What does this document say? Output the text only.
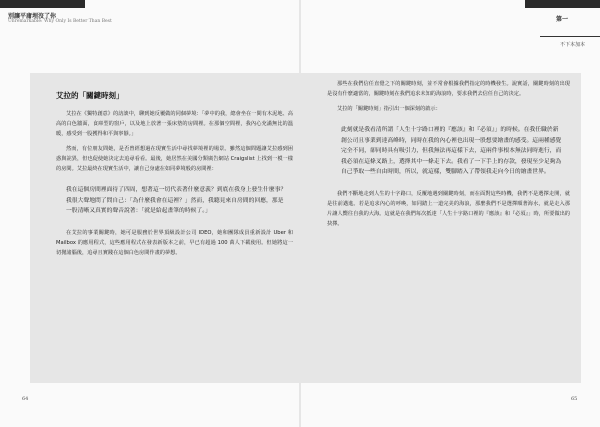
別讓平庸埋沒了你
Unremarkable: Why Only Is Better Than Best	第一
不下本加本
艾拉的「關鍵時刻」

艾拉在《獨特創意》的訪談中，聊到她反覆做的同個夢境：「夢中的我，總會坐在一間有木泥地、高高的白色牆面，食庫型的窗戶，以及地上放著一張床墊的房間裡。在那個空間裡，我內心充滿無比的溫暖，感受到一股獲得和平與寧靜。」

然而，有位朋友問她，是否曾經想過在現實生活中尋找夢境裡的場景。雖然這個問題讓艾拉感到困惑與詫異，但也促使她決定去追尋看看。最後，她居然在美國分類廣告網站 Craigslist 上找到一模一樣的房間。艾拉最終在現實生活中，讓自己身處在如同夢境般的房間裡：

我在這個房間裡面待了四周，想著這一切代表著什麼意義？到底在我身上發生什麼事？我很大聲地問了問自己：「為什麼我會在這裡？」然而，我聽見來自房間的回應，那是一股清晰又真實的聲音說著：「就是給起畫筆的時候了。」

在艾拉的事業關鍵時，她可是服務於世界頂級設計公司 IDEO，她和團隊成員重新設計 Uber 和 Mailbox 的應用程式，這些應用程式在發表新版本之前，早已有超過 100 萬人下載使用。但她將這一切拋諸腦後，追尋且實踐在這個白色房間作畫的夢想。

那些在我們信任直覺之下的關鍵時刻，並不常會根據我們指定的時機發生。說實話，關鍵時刻的出現是沒有什麼適當的，關鍵時刻在我們追求未知的海浪時，要求我們去信任自己的決定。

艾拉的「關鍵時刻」指引出一個深刻的啟示：

此刻就是我看清所謂「人生十字路口裡的『應該』和『必須』」的時候。在我任職於新創公司且事業到達高峰時，同時在我的內心裡也出現一股想要繪畫的感受。這兩種感覺完全不同，卻同時具有吸引力，但我無法再這樣下去，這兩件事根本無法同時進行，而我必須在這條叉路上，選擇其中一條走下去。我看了一下手上的存款，發現至少足夠為自己爭取一些自由時間，所以，就這樣，雙腳踏入了帶領我走向今日的繪畫世界。

我們不斷地走到人生的十字路口，反覆地遇到關鍵時刻，而在面對這些時機，我們不是選擇走開，就是往前邁進。若是追求內心的呼喚，如同踏上一道完美的海浪，那麼我們不是選擇順著海水，就是走入那片讓人嚮往自我的大海。這就是在我們每次抵達「人生十字路口裡的『應該』和『必須』」時，所要做出的抉擇。

64	65
